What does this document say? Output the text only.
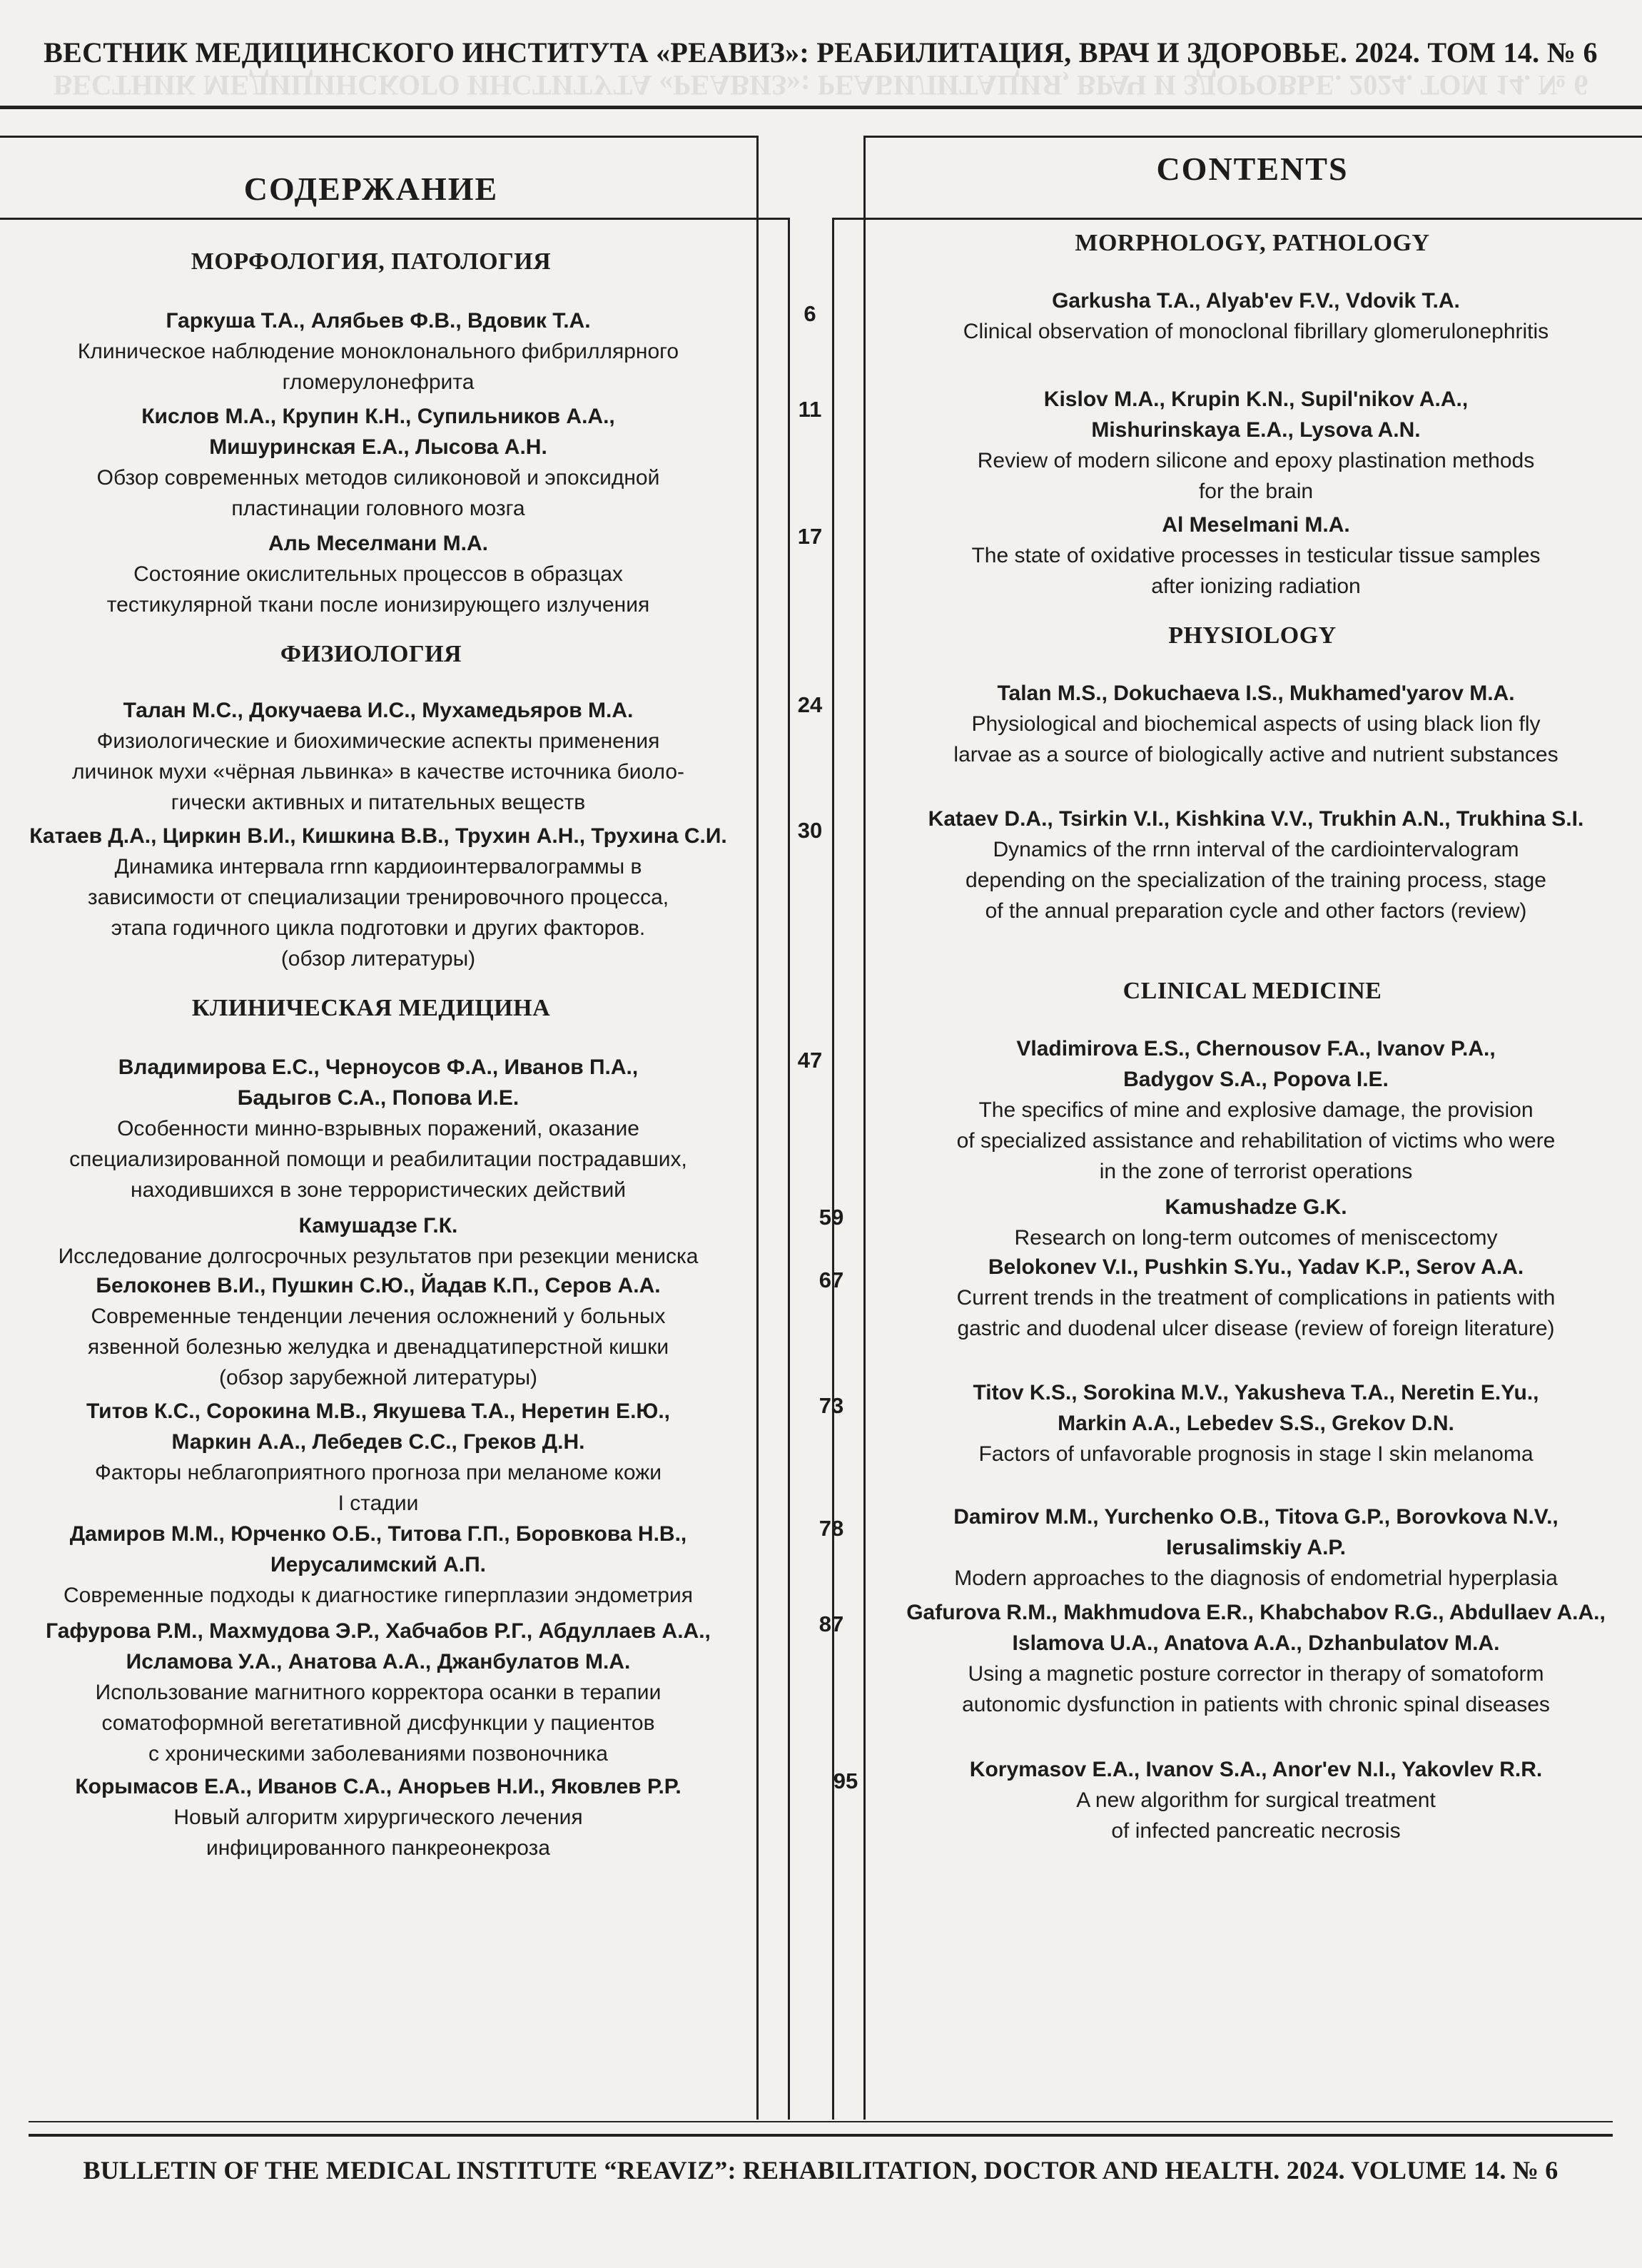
ВЕСТНИК МЕДИЦИНСКОГО ИНСТИТУТА «РЕАВИЗ»: РЕАБИЛИТАЦИЯ, ВРАЧ И ЗДОРОВЬЕ. 2024. ТОМ 14. № 6
ВЕСТНИК МЕДИЦИНСКОГО ИНСТИТУТА «РЕАВИЗ»: РЕАБИЛИТАЦИЯ, ВРАЧ И ЗДОРОВЬЕ. 2024. ТОМ 14. № 6
СОДЕРЖАНИЕ
МОРФОЛОГИЯ, ПАТОЛОГИЯ
Гаркуша Т.А., Алябьев Ф.В., Вдовик Т.А.
Клиническое наблюдение моноклонального фибриллярного
гломерулонефрита
Кислов М.А., Крупин К.Н., Супильников А.А.,
Мишуринская Е.А., Лысова А.Н.
Обзор современных методов силиконовой и эпоксидной
пластинации головного мозга
Аль Меселмани М.А.
Состояние окислительных процессов в образцах
тестикулярной ткани после ионизирующего излучения
ФИЗИОЛОГИЯ
Талан М.С., Докучаева И.С., Мухамедьяров М.А.
Физиологические и биохимические аспекты применения
личинок мухи «чёрная львинка» в качестве источника биоло-
гически активных и питательных веществ
Катаев Д.А., Циркин В.И., Кишкина В.В., Трухин А.Н., Трухина С.И.
Динамика интервала rrnn кардиоинтервалограммы в
зависимости от специализации тренировочного процесса,
этапа годичного цикла подготовки и других факторов.
(обзор литературы)
КЛИНИЧЕСКАЯ МЕДИЦИНА
Владимирова Е.С., Черноусов Ф.А., Иванов П.А.,
Бадыгов С.А., Попова И.Е.
Особенности минно-взрывных поражений, оказание
специализированной помощи и реабилитации пострадавших,
находившихся в зоне террористических действий
Камушадзе Г.К.
Исследование долгосрочных результатов при резекции мениска
Белоконев В.И., Пушкин С.Ю., Йадав К.П., Серов А.А.
Современные тенденции лечения осложнений у больных
язвенной болезнью желудка и двенадцатиперстной кишки
(обзор зарубежной литературы)
Титов К.С., Сорокина М.В., Якушева Т.А., Неретин Е.Ю.,
Маркин А.А., Лебедев С.С., Греков Д.Н.
Факторы неблагоприятного прогноза при меланоме кожи
I стадии
Дамиров М.М., Юрченко О.Б., Титова Г.П., Боровкова Н.В.,
Иерусалимский А.П.
Современные подходы к диагностике гиперплазии эндометрия
Гафурова Р.М., Махмудова Э.Р., Хабчабов Р.Г., Абдуллаев А.А.,
Исламова У.А., Анатова А.А., Джанбулатов М.А.
Использование магнитного корректора осанки в терапии
соматоформной вегетативной дисфункции у пациентов
с хроническими заболеваниями позвоночника
Корымасов Е.А., Иванов С.А., Анорьев Н.И., Яковлев Р.Р.
Новый алгоритм хирургического лечения
инфицированного панкреонекроза
6
11
17
24
30
47
59
67
73
78
87
95
CONTENTS
MORPHOLOGY, PATHOLOGY
Garkusha T.A., Alyab'ev F.V., Vdovik T.A.
Clinical observation of monoclonal fibrillary glomerulonephritis
Kislov M.A., Krupin K.N., Supil'nikov A.A.,
Mishurinskaya E.A., Lysova A.N.
Review of modern silicone and epoxy plastination methods
for the brain
Al Meselmani M.A.
The state of oxidative processes in testicular tissue samples
after ionizing radiation
PHYSIOLOGY
Talan M.S., Dokuchaeva I.S., Mukhamed'yarov M.A.
Physiological and biochemical aspects of using black lion fly
larvae as a source of biologically active and nutrient substances
Kataev D.A., Tsirkin V.I., Kishkina V.V., Trukhin A.N., Trukhina S.I.
Dynamics of the rrnn interval of the cardiointervalogram
depending on the specialization of the training process, stage
of the annual preparation cycle and other factors (review)
CLINICAL MEDICINE
Vladimirova E.S., Chernousov F.A., Ivanov P.A.,
Badygov S.A., Popova I.E.
The specifics of mine and explosive damage, the provision
of specialized assistance and rehabilitation of victims who were
in the zone of terrorist operations
Kamushadze G.K.
Research on long-term outcomes of meniscectomy
Belokonev V.I., Pushkin S.Yu., Yadav K.P., Serov A.A.
Current trends in the treatment of complications in patients with
gastric and duodenal ulcer disease (review of foreign literature)
Titov K.S., Sorokina M.V., Yakusheva T.A., Neretin E.Yu.,
Markin A.A., Lebedev S.S., Grekov D.N.
Factors of unfavorable prognosis in stage I skin melanoma
Damirov M.M., Yurchenko O.B., Titova G.P., Borovkova N.V.,
Ierusalimskiy A.P.
Modern approaches to the diagnosis of endometrial hyperplasia
Gafurova R.M., Makhmudova E.R., Khabchabov R.G., Abdullaev A.A.,
Islamova U.A., Anatova A.A., Dzhanbulatov M.A.
Using a magnetic posture corrector in therapy of somatoform
autonomic dysfunction in patients with chronic spinal diseases
Korymasov E.A., Ivanov S.A., Anor'ev N.I., Yakovlev R.R.
A new algorithm for surgical treatment
of infected pancreatic necrosis
BULLETIN OF THE MEDICAL INSTITUTE “REAVIZ”: REHABILITATION, DOCTOR AND HEALTH. 2024. VOLUME 14. № 6
